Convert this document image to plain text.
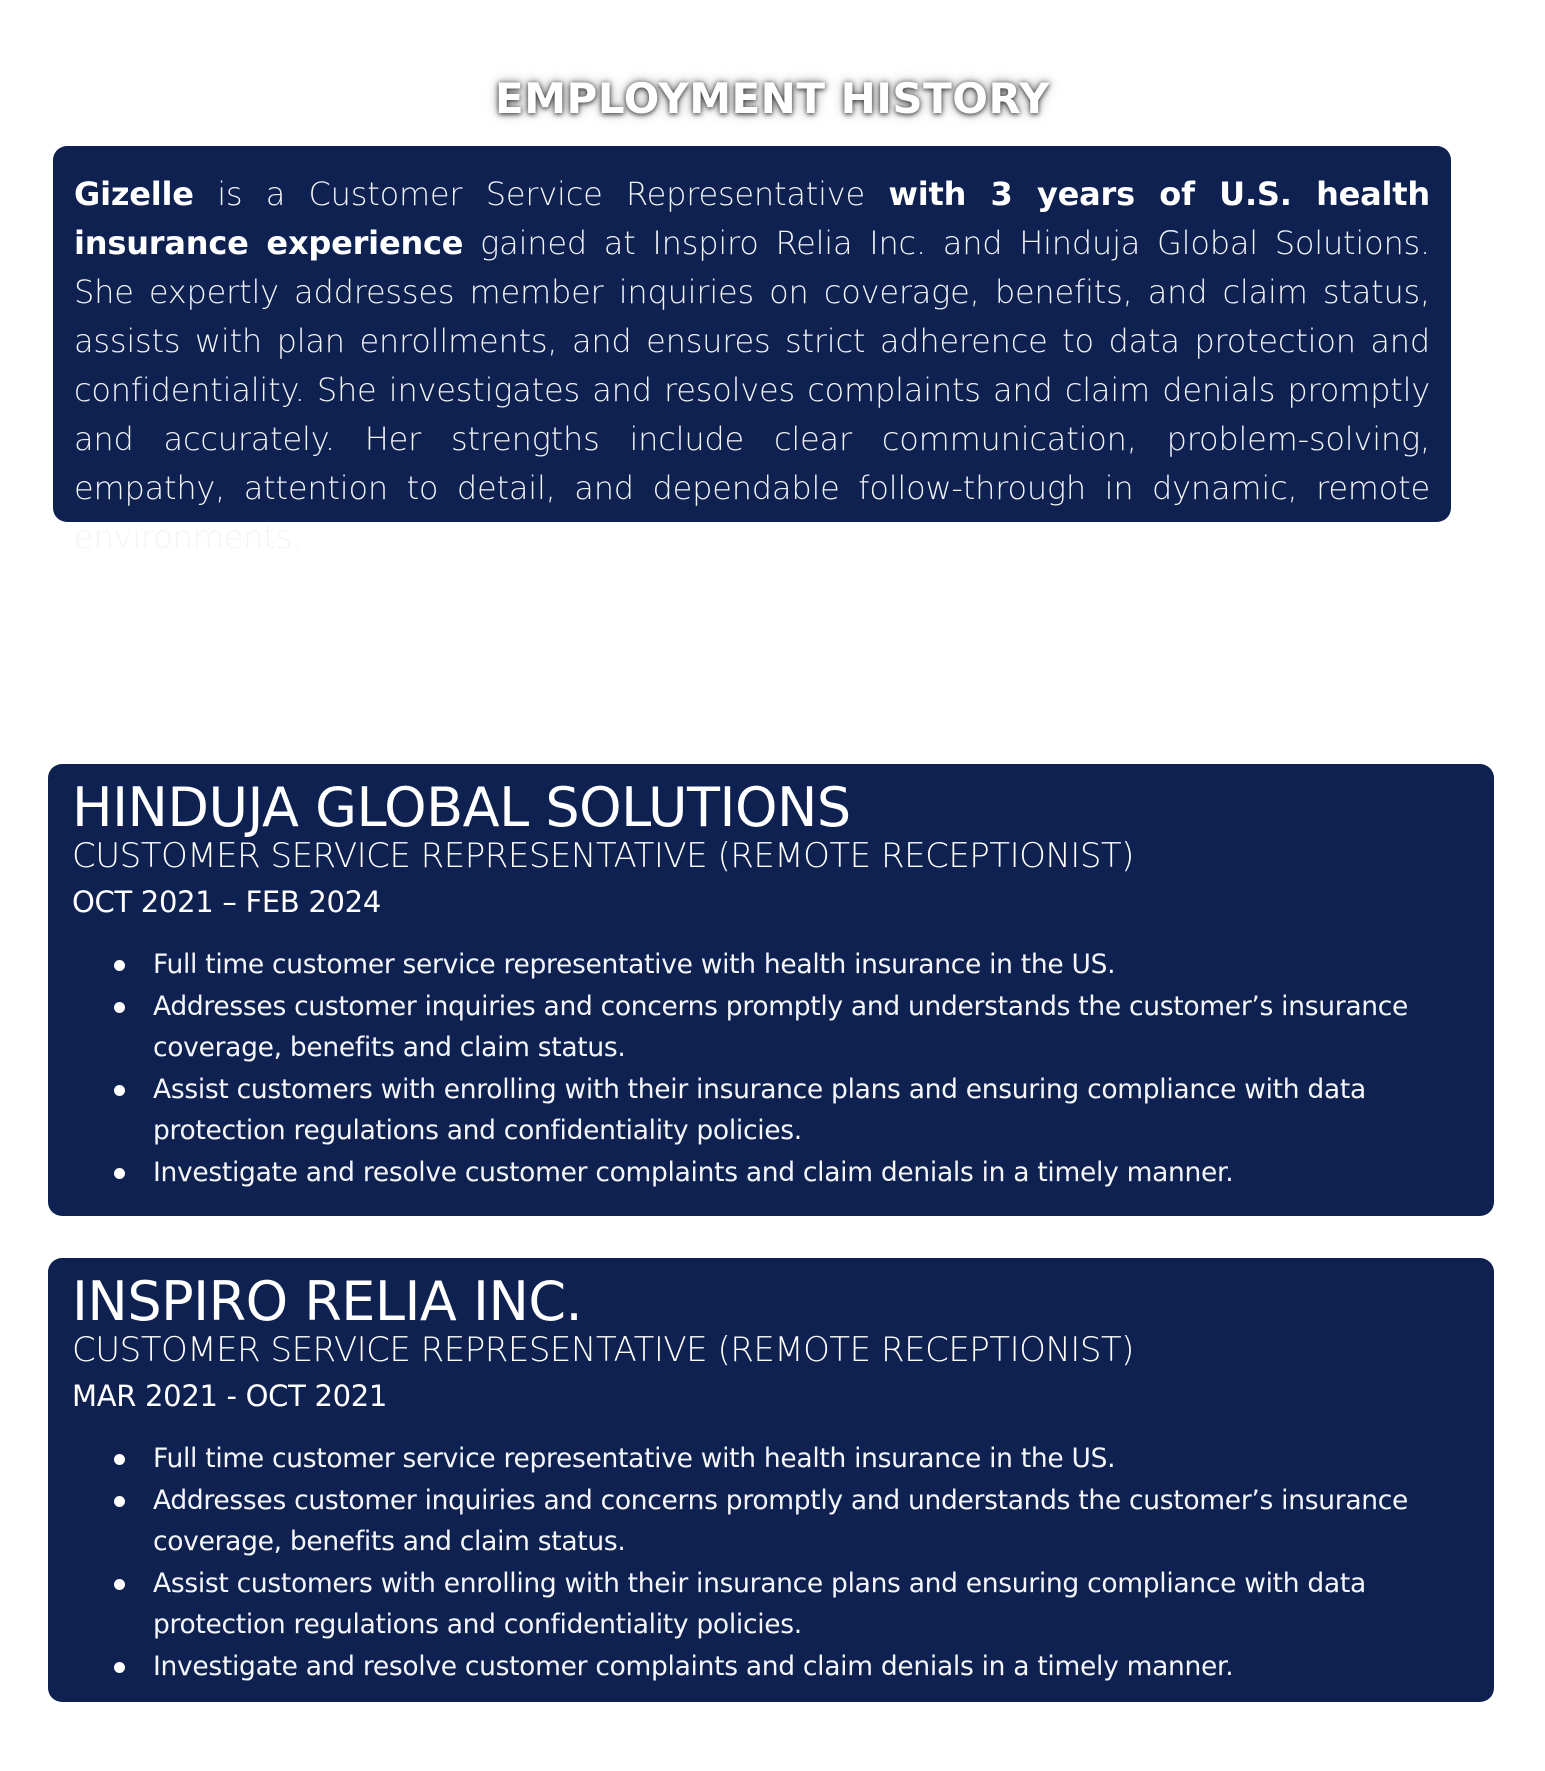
EMPLOYMENT HISTORY

Gizelle is a Customer Service Representative with 3 years of U.S. health insurance experience gained at Inspiro Relia Inc. and Hinduja Global Solutions. She expertly addresses member inquiries on coverage, benefits, and claim status, assists with plan enrollments, and ensures strict adherence to data protection and confidentiality. She investigates and resolves complaints and claim denials promptly and accurately. Her strengths include clear communication, problem-solving, empathy, attention to detail, and dependable follow-through in dynamic, remote environments.

HINDUJA GLOBAL SOLUTIONS
CUSTOMER SERVICE REPRESENTATIVE (REMOTE RECEPTIONIST)
OCT 2021 – FEB 2024
Full time customer service representative with health insurance in the US.
Addresses customer inquiries and concerns promptly and understands the customer’s insurance coverage, benefits and claim status.
Assist customers with enrolling with their insurance plans and ensuring compliance with data protection regulations and confidentiality policies.
Investigate and resolve customer complaints and claim denials in a timely manner.
INSPIRO RELIA INC.
CUSTOMER SERVICE REPRESENTATIVE (REMOTE RECEPTIONIST)
MAR 2021 - OCT 2021
Full time customer service representative with health insurance in the US.
Addresses customer inquiries and concerns promptly and understands the customer’s insurance coverage, benefits and claim status.
Assist customers with enrolling with their insurance plans and ensuring compliance with data protection regulations and confidentiality policies.
Investigate and resolve customer complaints and claim denials in a timely manner.
